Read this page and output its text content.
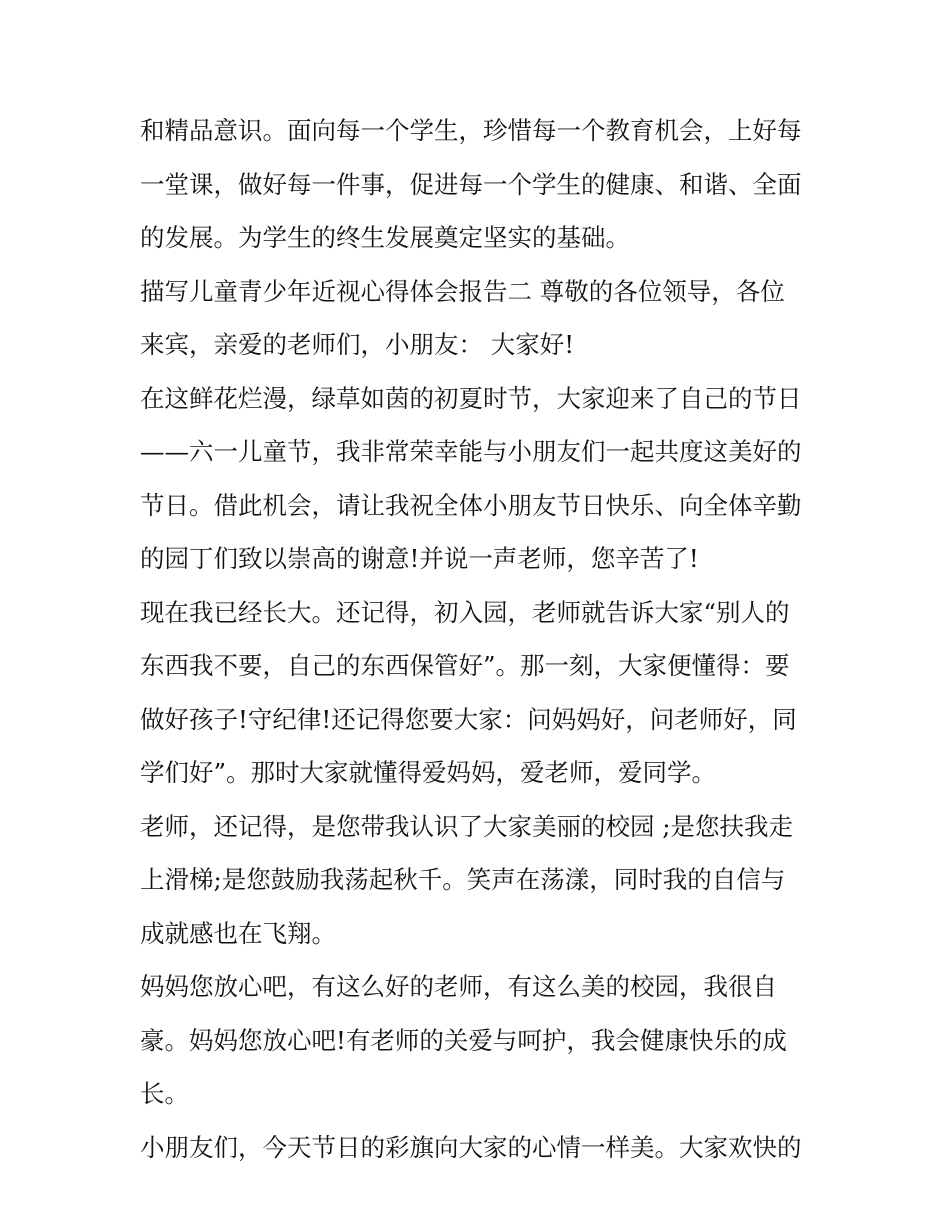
和精品意识。面向每一个学生，珍惜每一个教育机会，上好每
一堂课，做好每一件事，促进每一个学生的健康、和谐、全面
的发展。为学生的终生发展奠定坚实的基础。
描写儿童青少年近视心得体会报告二 尊敬的各位领导，各位
来宾，亲爱的老师们，小朋友： 大家好!
在这鲜花烂漫，绿草如茵的初夏时节，大家迎来了自己的节日
——六一儿童节，我非常荣幸能与小朋友们一起共度这美好的
节日。借此机会，请让我祝全体小朋友节日快乐、向全体辛勤
的园丁们致以崇高的谢意!并说一声老师，您辛苦了!
现在我已经长大。还记得，初入园，老师就告诉大家“别人的
东西我不要，自己的东西保管好”。那一刻，大家便懂得：要
做好孩子!守纪律!还记得您要大家：问妈妈好，问老师好，同
学们好”。那时大家就懂得爱妈妈，爱老师，爱同学。
老师，还记得，是您带我认识了大家美丽的校园 ;是您扶我走
上滑梯;是您鼓励我荡起秋千。笑声在荡漾，同时我的自信与
成就感也在飞翔。
妈妈您放心吧，有这么好的老师，有这么美的校园，我很自
豪。妈妈您放心吧!有老师的关爱与呵护，我会健康快乐的成
长。
小朋友们，今天节日的彩旗向大家的心情一样美。大家欢快的
